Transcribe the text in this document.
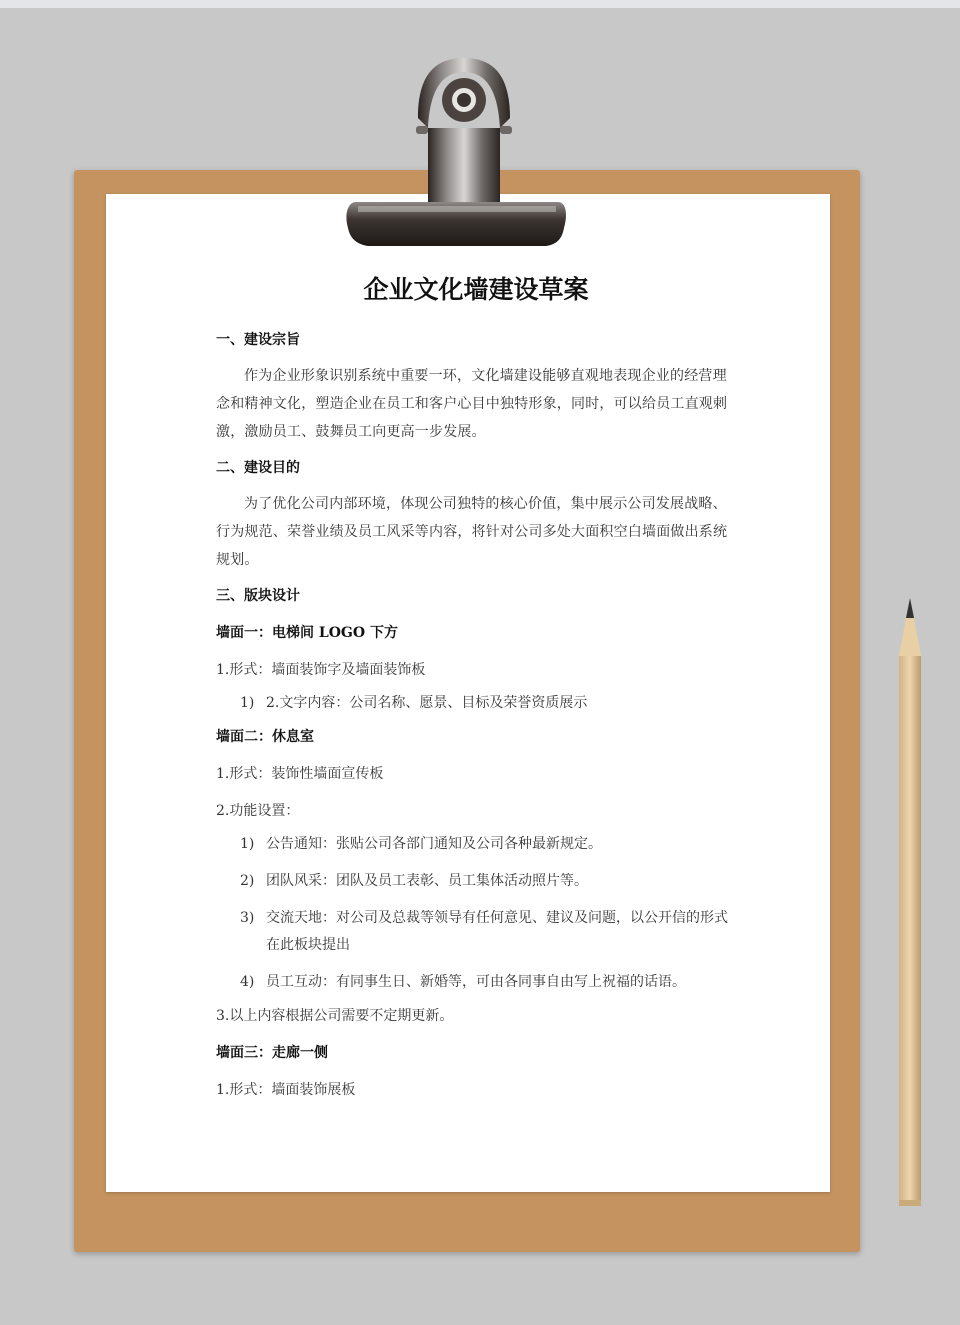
企业文化墙建设草案

一、建设宗旨

作为企业形象识别系统中重要一环，文化墙建设能够直观地表现企业的经营理念和精神文化，塑造企业在员工和客户心目中独特形象，同时，可以给员工直观刺激，激励员工、鼓舞员工向更高一步发展。

二、建设目的

为了优化公司内部环境，体现公司独特的核心价值，集中展示公司发展战略、行为规范、荣誉业绩及员工风采等内容，将针对公司多处大面积空白墙面做出系统规划。

三、版块设计

墙面一：电梯间 LOGO 下方

1.形式：墙面装饰字及墙面装饰板

1) 2.文字内容：公司名称、愿景、目标及荣誉资质展示

墙面二：休息室

1.形式：装饰性墙面宣传板

2.功能设置：

1) 公告通知：张贴公司各部门通知及公司各种最新规定。
2) 团队风采：团队及员工表彰、员工集体活动照片等。
3) 交流天地：对公司及总裁等领导有任何意见、建议及问题，以公开信的形式在此板块提出
4) 员工互动：有同事生日、新婚等，可由各同事自由写上祝福的话语。

3.以上内容根据公司需要不定期更新。

墙面三：走廊一侧

1.形式：墙面装饰展板
